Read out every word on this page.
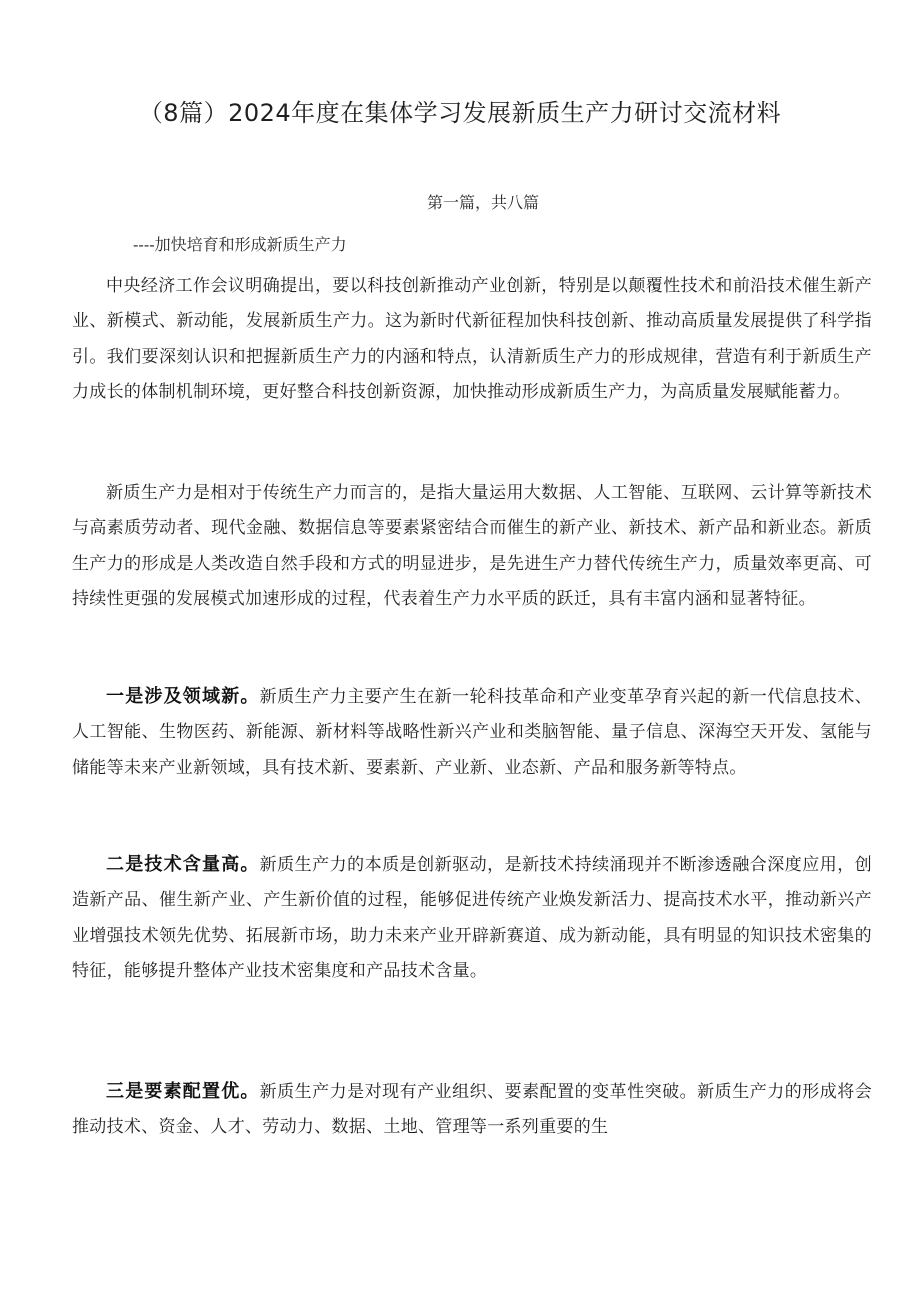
（8篇）2024年度在集体学习发展新质生产力研讨交流材料
第一篇，共八篇
----加快培育和形成新质生产力

中央经济工作会议明确提出，要以科技创新推动产业创新，特别是以颠覆性技术和前沿技术催生新产业、新模式、新动能，发展新质生产力。这为新时代新征程加快科技创新、推动高质量发展提供了科学指引。我们要深刻认识和把握新质生产力的内涵和特点，认清新质生产力的形成规律，营造有利于新质生产力成长的体制机制环境，更好整合科技创新资源，加快推动形成新质生产力，为高质量发展赋能蓄力。

新质生产力是相对于传统生产力而言的，是指大量运用大数据、人工智能、互联网、云计算等新技术与高素质劳动者、现代金融、数据信息等要素紧密结合而催生的新产业、新技术、新产品和新业态。新质生产力的形成是人类改造自然手段和方式的明显进步，是先进生产力替代传统生产力，质量效率更高、可持续性更强的发展模式加速形成的过程，代表着生产力水平质的跃迁，具有丰富内涵和显著特征。

一是涉及领域新。新质生产力主要产生在新一轮科技革命和产业变革孕育兴起的新一代信息技术、人工智能、生物医药、新能源、新材料等战略性新兴产业和类脑智能、量子信息、深海空天开发、氢能与储能等未来产业新领域，具有技术新、要素新、产业新、业态新、产品和服务新等特点。

二是技术含量高。新质生产力的本质是创新驱动，是新技术持续涌现并不断渗透融合深度应用，创造新产品、催生新产业、产生新价值的过程，能够促进传统产业焕发新活力、提高技术水平，推动新兴产业增强技术领先优势、拓展新市场，助力未来产业开辟新赛道、成为新动能，具有明显的知识技术密集的特征，能够提升整体产业技术密集度和产品技术含量。

三是要素配置优。新质生产力是对现有产业组织、要素配置的变革性突破。新质生产力的形成将会推动技术、资金、人才、劳动力、数据、土地、管理等一系列重要的生
